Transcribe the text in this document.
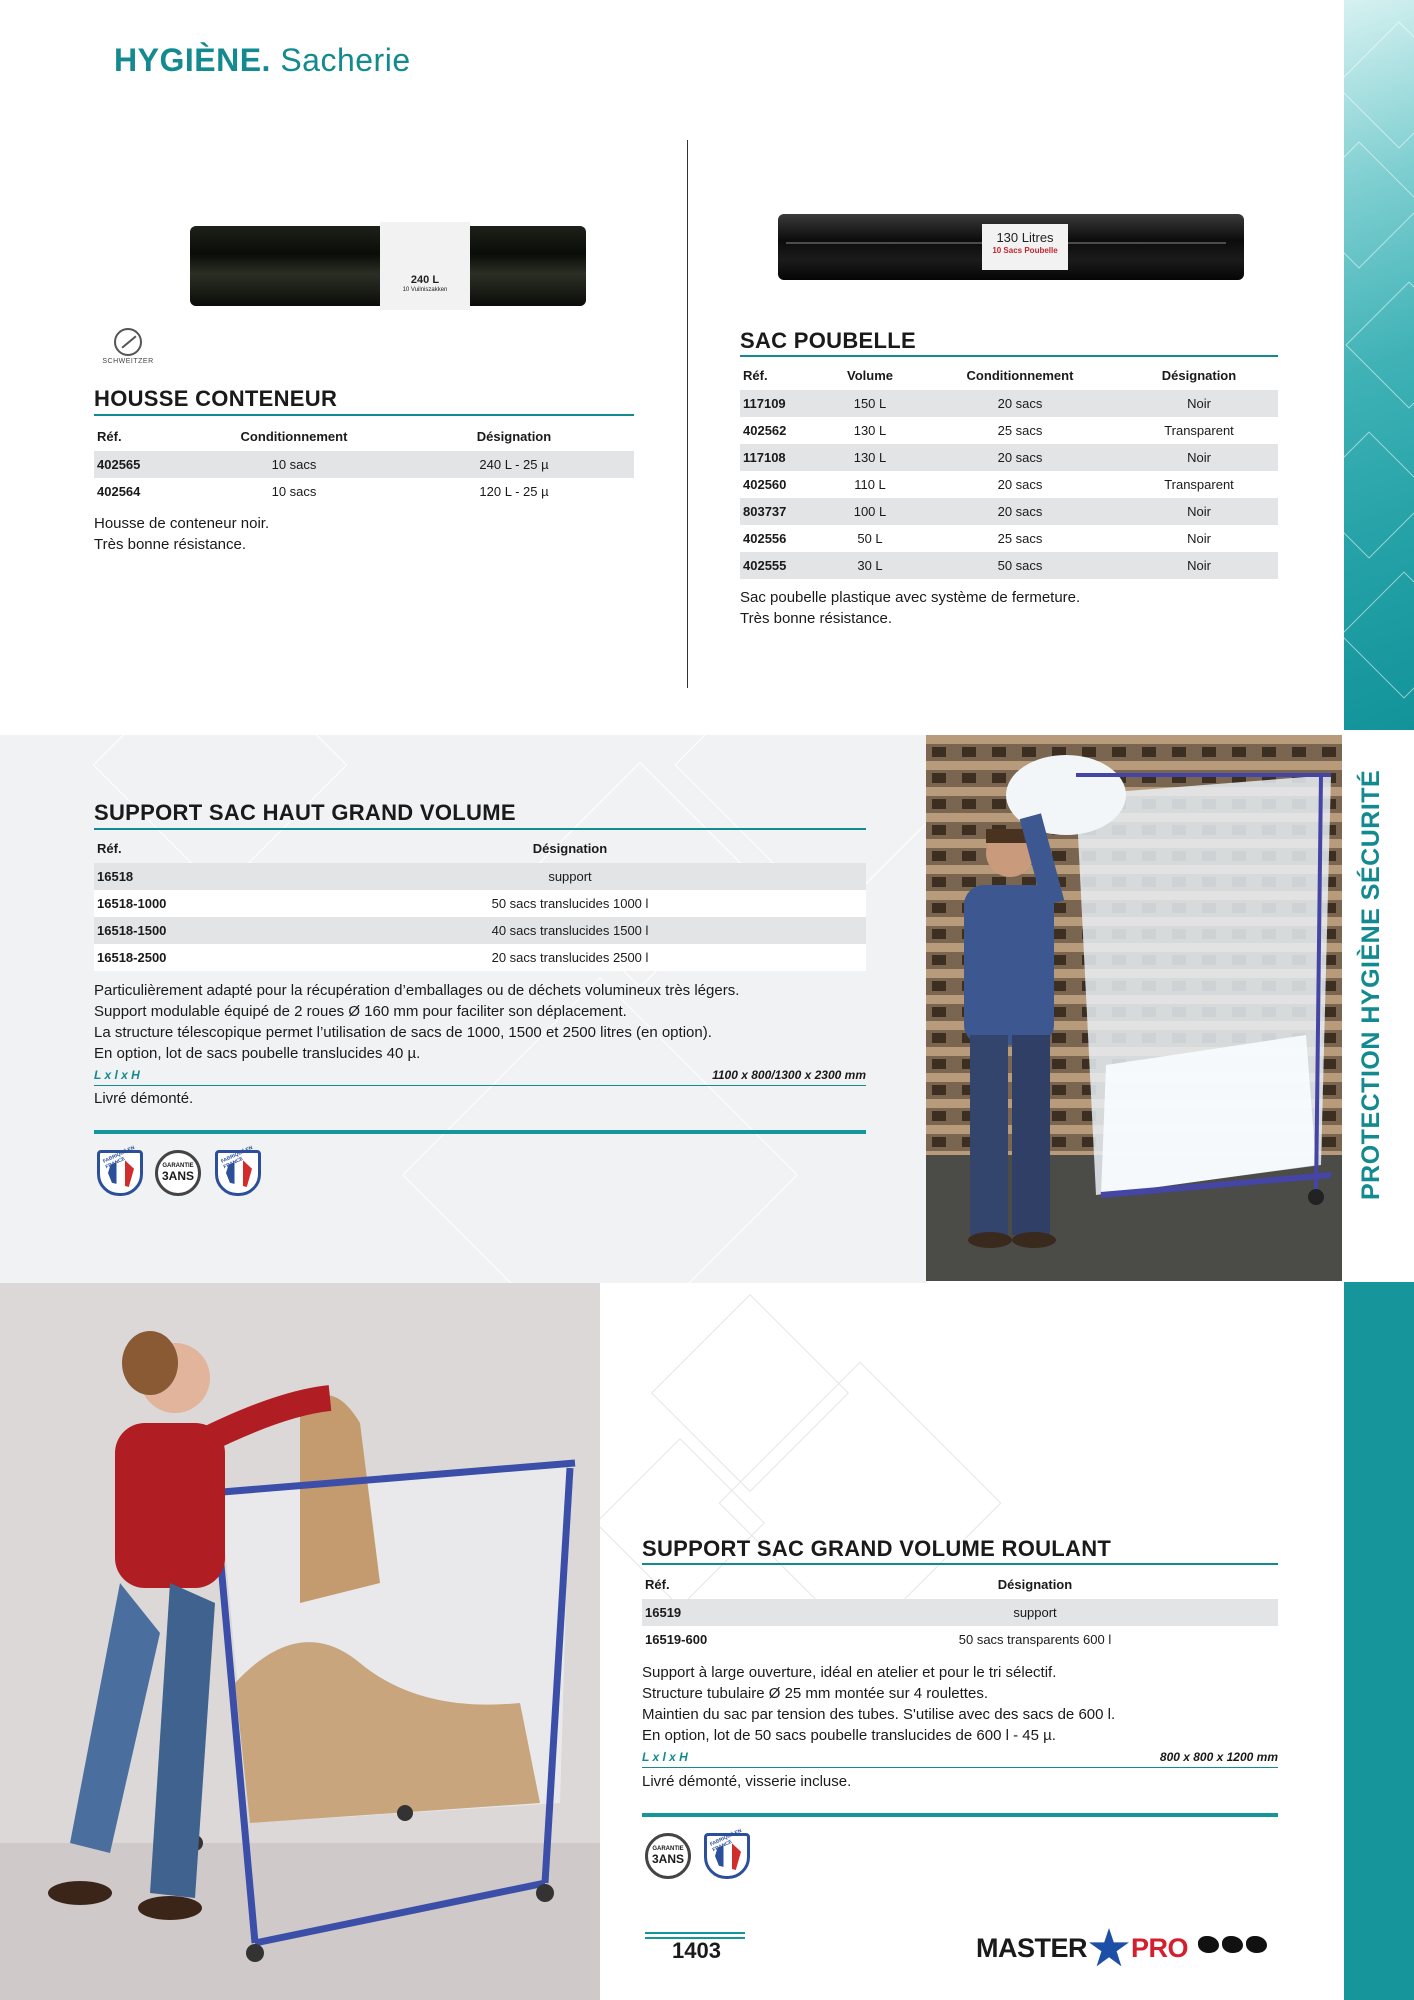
HYGIÈNE. Sacherie
PROTECTION HYGIÈNE SÉCURITÉ
240 L
10 Vuilniszakken
SCHWEITZER
HOUSSE CONTENEUR
Réf.	Conditionnement	Désignation
402565	10 sacs	240 L - 25 µ
402564	10 sacs	120 L - 25 µ
Housse de conteneur noir.
Très bonne résistance.
130 Litres
10 Sacs Poubelle
SAC POUBELLE
Réf.	Volume	Conditionnement	Désignation
117109	150 L	20 sacs	Noir
402562	130 L	25 sacs	Transparent
117108	130 L	20 sacs	Noir
402560	110 L	20 sacs	Transparent
803737	100 L	20 sacs	Noir
402556	50 L	25 sacs	Noir
402555	30 L	50 sacs	Noir
Sac poubelle plastique avec système de fermeture.
Très bonne résistance.
SUPPORT SAC HAUT GRAND VOLUME
Réf.	Désignation
16518	support
16518-1000	50 sacs translucides 1000 l
16518-1500	40 sacs translucides 1500 l
16518-2500	20 sacs translucides 2500 l
Particulièrement adapté pour la récupération d’emballages ou de déchets volumineux très légers.
Support modulable équipé de 2 roues Ø 160 mm pour faciliter son déplacement.
La structure télescopique permet l’utilisation de sacs de 1000, 1500 et 2500 litres (en option).
En option, lot de sacs poubelle translucides 40 µ.
L x l x H	1100 x 800/1300 x 2300 mm
Livré démonté.
FABRIQUÉ EN FRANCE	GARANTIE
3ANS
FABRIQUÉ EN FRANCE
SUPPORT SAC GRAND VOLUME ROULANT
Réf.	Désignation
16519	support
16519-600	50 sacs transparents 600 l
Support à large ouverture, idéal en atelier et pour le tri sélectif.
Structure tubulaire Ø 25 mm montée sur 4 roulettes.
Maintien du sac par tension des tubes. S'utilise avec des sacs de 600 l.
En option, lot de 50 sacs poubelle translucides de 600 l - 45 µ.
L x l x H	800 x 800 x 1200 mm
Livré démonté, visserie incluse.
GARANTIE
3ANS
FABRIQUÉ EN FRANCE
1403	MASTER PRO
